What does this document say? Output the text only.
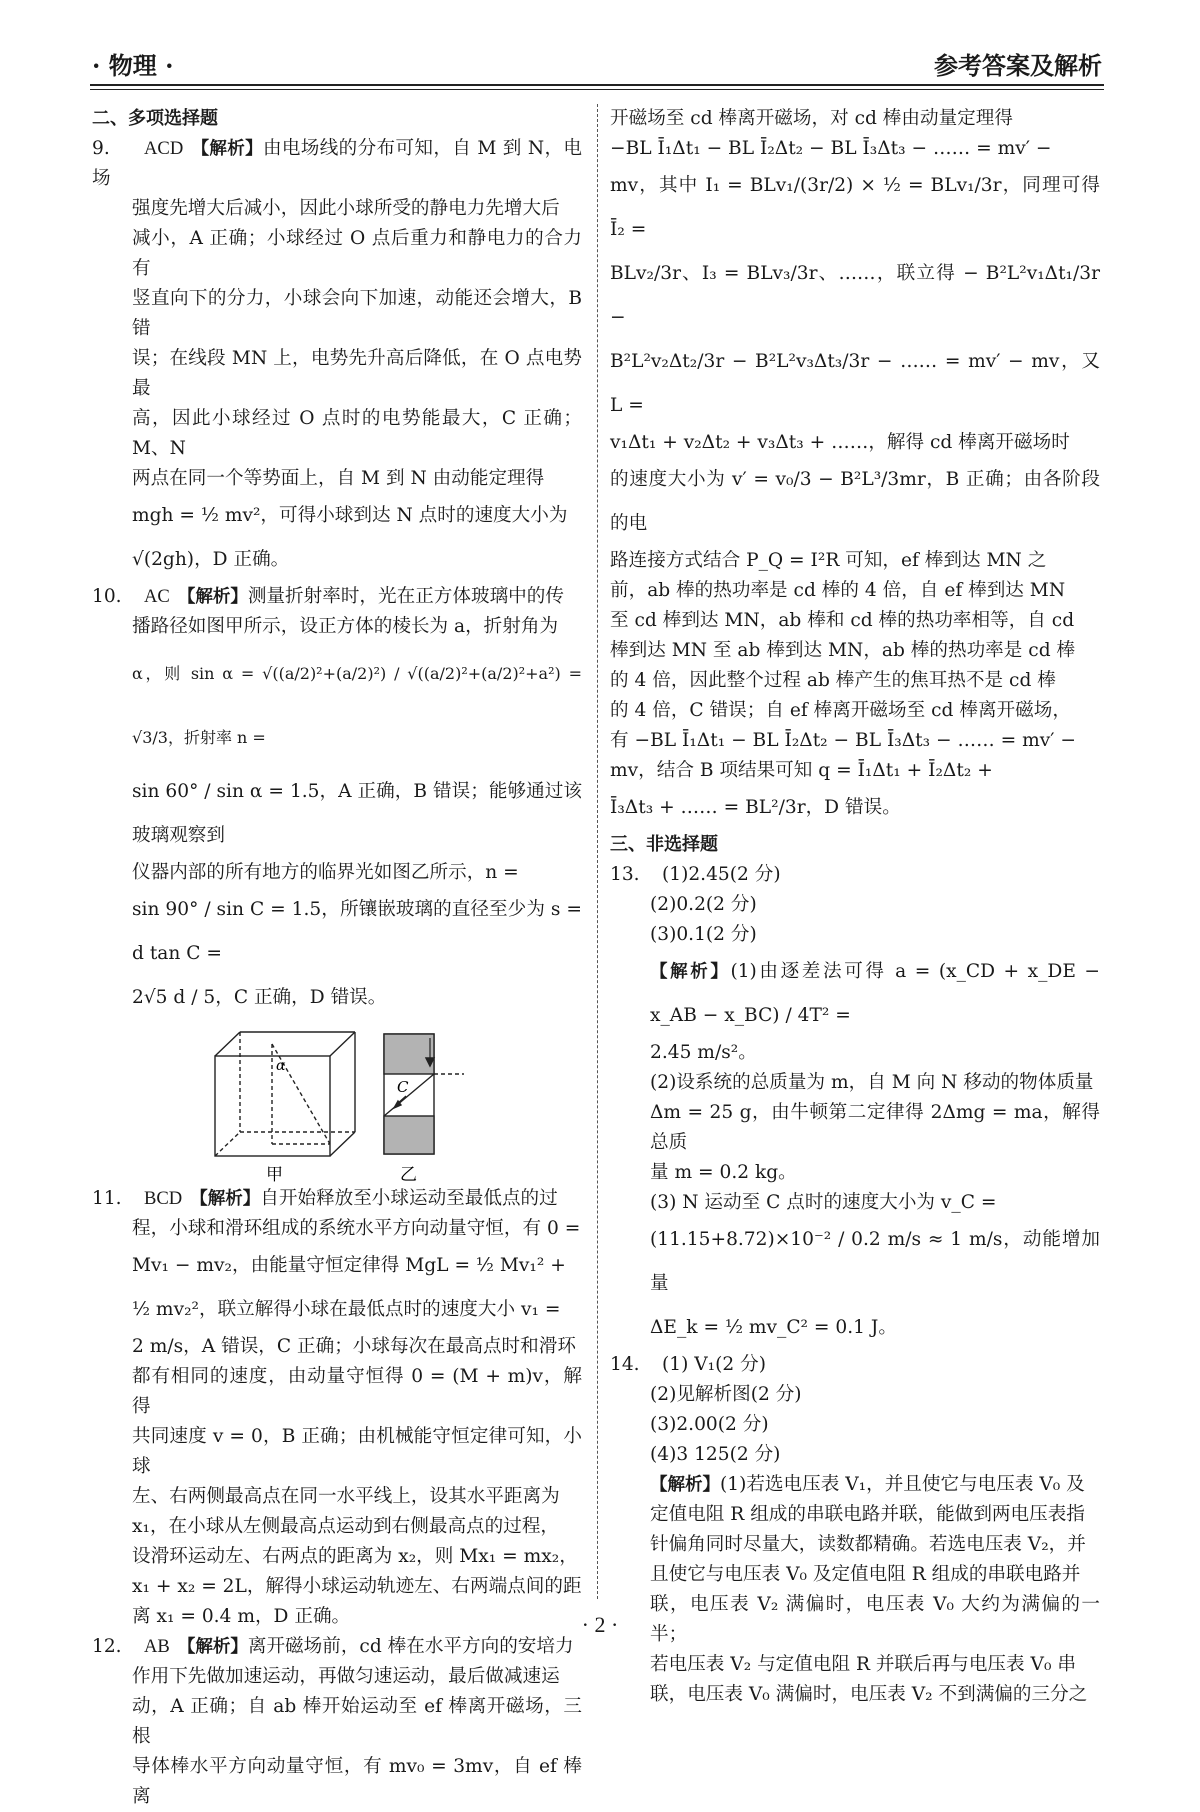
· 物理 ·	参考答案及解析

二、多项选择题

9. ACD 【解析】由电场线的分布可知，自 M 到 N，电场

强度先增大后减小，因此小球所受的静电力先增大后

减小，A 正确；小球经过 O 点后重力和静电力的合力有

竖直向下的分力，小球会向下加速，动能还会增大，B 错

误；在线段 MN 上，电势先升高后降低，在 O 点电势最

高，因此小球经过 O 点时的电势能最大，C 正确；M、N

两点在同一个等势面上，自 M 到 N 由动能定理得

mgh = ½ mv²，可得小球到达 N 点时的速度大小为

√(2gh)，D 正确。

10. AC 【解析】测量折射率时，光在正方体玻璃中的传

播路径如图甲所示，设正方体的棱长为 a，折射角为

α，则 sin α = √((a/2)²+(a/2)²) / √((a/2)²+(a/2)²+a²) = √3/3，折射率 n =

sin 60° / sin α = 1.5，A 正确，B 错误；能够通过该玻璃观察到

仪器内部的所有地方的临界光如图乙所示，n =

sin 90° / sin C = 1.5，所镶嵌玻璃的直径至少为 s = d tan C =

2√5 d / 5，C 正确，D 错误。

α
甲
C
乙

11. BCD 【解析】自开始释放至小球运动至最低点的过

程，小球和滑环组成的系统水平方向动量守恒，有 0 =

Mv₁ − mv₂，由能量守恒定律得 MgL = ½ Mv₁² +

½ mv₂²，联立解得小球在最低点时的速度大小 v₁ =

2 m/s，A 错误，C 正确；小球每次在最高点时和滑环

都有相同的速度，由动量守恒得 0 = (M + m)v，解得

共同速度 v = 0，B 正确；由机械能守恒定律可知，小球

左、右两侧最高点在同一水平线上，设其水平距离为

x₁，在小球从左侧最高点运动到右侧最高点的过程，

设滑环运动左、右两点的距离为 x₂，则 Mx₁ = mx₂，

x₁ + x₂ = 2L，解得小球运动轨迹左、右两端点间的距

离 x₁ = 0.4 m，D 正确。

12. AB 【解析】离开磁场前，cd 棒在水平方向的安培力

作用下先做加速运动，再做匀速运动，最后做减速运

动，A 正确；自 ab 棒开始运动至 ef 棒离开磁场，三根

导体棒水平方向动量守恒，有 mv₀ = 3mv，自 ef 棒离

开磁场至 cd 棒离开磁场，对 cd 棒由动量定理得

−BL Ī₁Δt₁ − BL Ī₂Δt₂ − BL Ī₃Δt₃ − …… = mv′ −

mv，其中 I₁ = BLv₁/(3r/2) × ½ = BLv₁/3r，同理可得 Ī₂ =

BLv₂/3r、I₃ = BLv₃/3r、……，联立得 − B²L²v₁Δt₁/3r −

B²L²v₂Δt₂/3r − B²L²v₃Δt₃/3r − …… = mv′ − mv，又 L =

v₁Δt₁ + v₂Δt₂ + v₃Δt₃ + ……，解得 cd 棒离开磁场时

的速度大小为 v′ = v₀/3 − B²L³/3mr，B 正确；由各阶段的电

路连接方式结合 P_Q = I²R 可知，ef 棒到达 MN 之

前，ab 棒的热功率是 cd 棒的 4 倍，自 ef 棒到达 MN

至 cd 棒到达 MN，ab 棒和 cd 棒的热功率相等，自 cd

棒到达 MN 至 ab 棒到达 MN，ab 棒的热功率是 cd 棒

的 4 倍，因此整个过程 ab 棒产生的焦耳热不是 cd 棒

的 4 倍，C 错误；自 ef 棒离开磁场至 cd 棒离开磁场，

有 −BL Ī₁Δt₁ − BL Ī₂Δt₂ − BL Ī₃Δt₃ − …… = mv′ −

mv，结合 B 项结果可知 q = Ī₁Δt₁ + Ī₂Δt₂ +

Ī₃Δt₃ + …… = BL²/3r，D 错误。

三、非选择题

13. (1)2.45(2 分)

(2)0.2(2 分)

(3)0.1(2 分)

【解析】(1)由逐差法可得 a = (x_CD + x_DE − x_AB − x_BC) / 4T² =

2.45 m/s²。

(2)设系统的总质量为 m，自 M 向 N 移动的物体质量

Δm = 25 g，由牛顿第二定律得 2Δmg = ma，解得总质

量 m = 0.2 kg。

(3) N 运动至 C 点时的速度大小为 v_C =

(11.15+8.72)×10⁻² / 0.2 m/s ≈ 1 m/s，动能增加量

ΔE_k = ½ mv_C² = 0.1 J。

14. (1) V₁(2 分)

(2)见解析图(2 分)

(3)2.00(2 分)

(4)3 125(2 分)

【解析】(1)若选电压表 V₁，并且使它与电压表 V₀ 及

定值电阻 R 组成的串联电路并联，能做到两电压表指

针偏角同时尽量大，读数都精确。若选电压表 V₂，并

且使它与电压表 V₀ 及定值电阻 R 组成的串联电路并

联，电压表 V₂ 满偏时，电压表 V₀ 大约为满偏的一半；

若电压表 V₂ 与定值电阻 R 并联后再与电压表 V₀ 串

联，电压表 V₀ 满偏时，电压表 V₂ 不到满偏的三分之

· 2 ·
